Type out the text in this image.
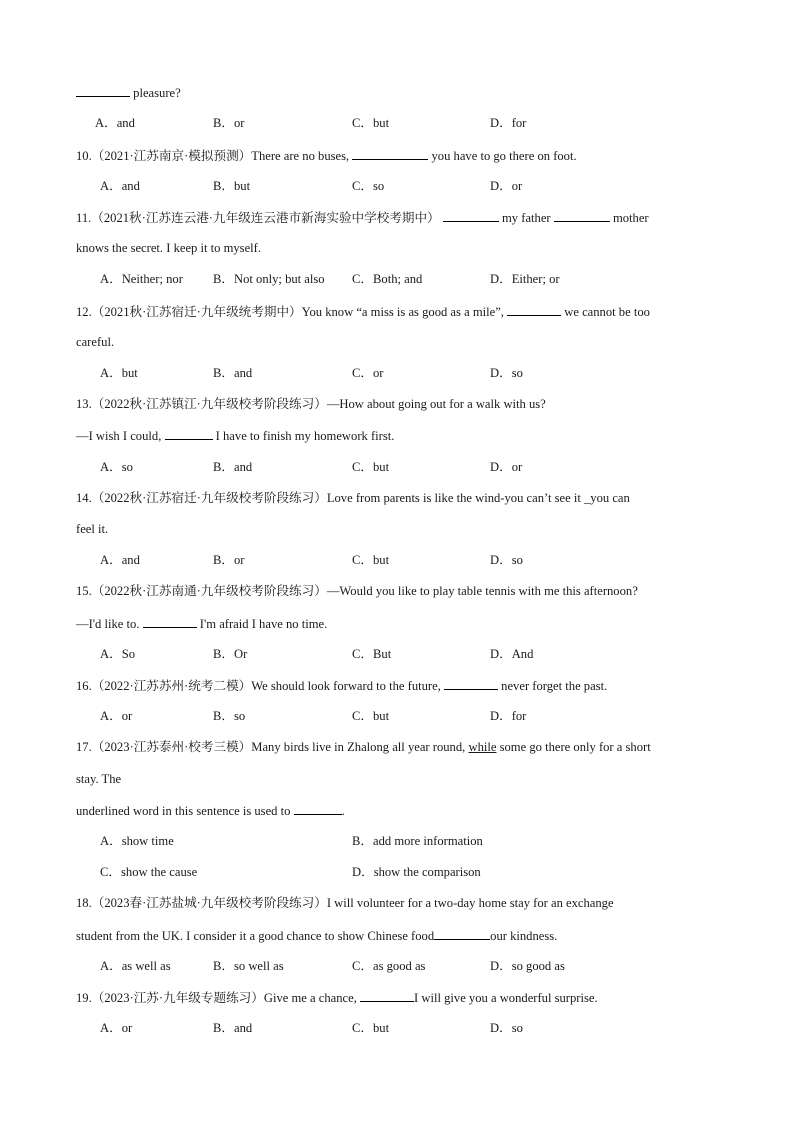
pleasure?
A．and	B．or	C．but	D．for
10.（2021·江苏南京·模拟预测）There are no buses,	you have to go there on foot.
A．and	B．but	C．so	D．or
11.（2021秋·江苏连云港·九年级连云港市新海实验中学校考期中）	my father	mother
knows the secret. I keep it to myself.
A．Neither; nor B．Not only; but also C．Both; and	D．Either; or
12.（2021秋·江苏宿迁·九年级统考期中）You know “a miss is as good as a mile”,	we cannot be too
careful.
A．but	B．and	C．or	D．so
13.（2022秋·江苏镇江·九年级校考阶段练习）—How about going out for a walk with us?
—I wish I could,	I have to finish my homework first.
A．so	B．and	C．but	D．or
14.（2022秋·江苏宿迁·九年级校考阶段练习）Love from parents is like the wind-you can’t see it _you can
feel it.
A．and	B．or	C．but	D．so
15.（2022秋·江苏南通·九年级校考阶段练习）—Would you like to play table tennis with me this afternoon?
—I'd like to.	I'm afraid I have no time.
A．So	B．Or	C．But	D．And
16.（2022·江苏苏州·统考二模）We should look forward to the future,	never forget the past.
A．or	B．so	C．but	D．for
17.（2023·江苏泰州·校考三模）Many birds live in Zhalong all year round, while some go there only for a short
stay. The
underlined word in this sentence is used to	.
A．show time	B．add more information
C．show the cause	D．show the comparison
18.（2023春·江苏盐城·九年级校考阶段练习）I will volunteer for a two-day home stay for an exchange
student from the UK. I consider it a good chance to show Chinese food	our kindness.
A．as well as	B．so well as	C．as good as	D．so good as
19.（2023·江苏·九年级专题练习）Give me a chance,	I will give you a wonderful surprise.
A．or	B．and	C．but	D．so
